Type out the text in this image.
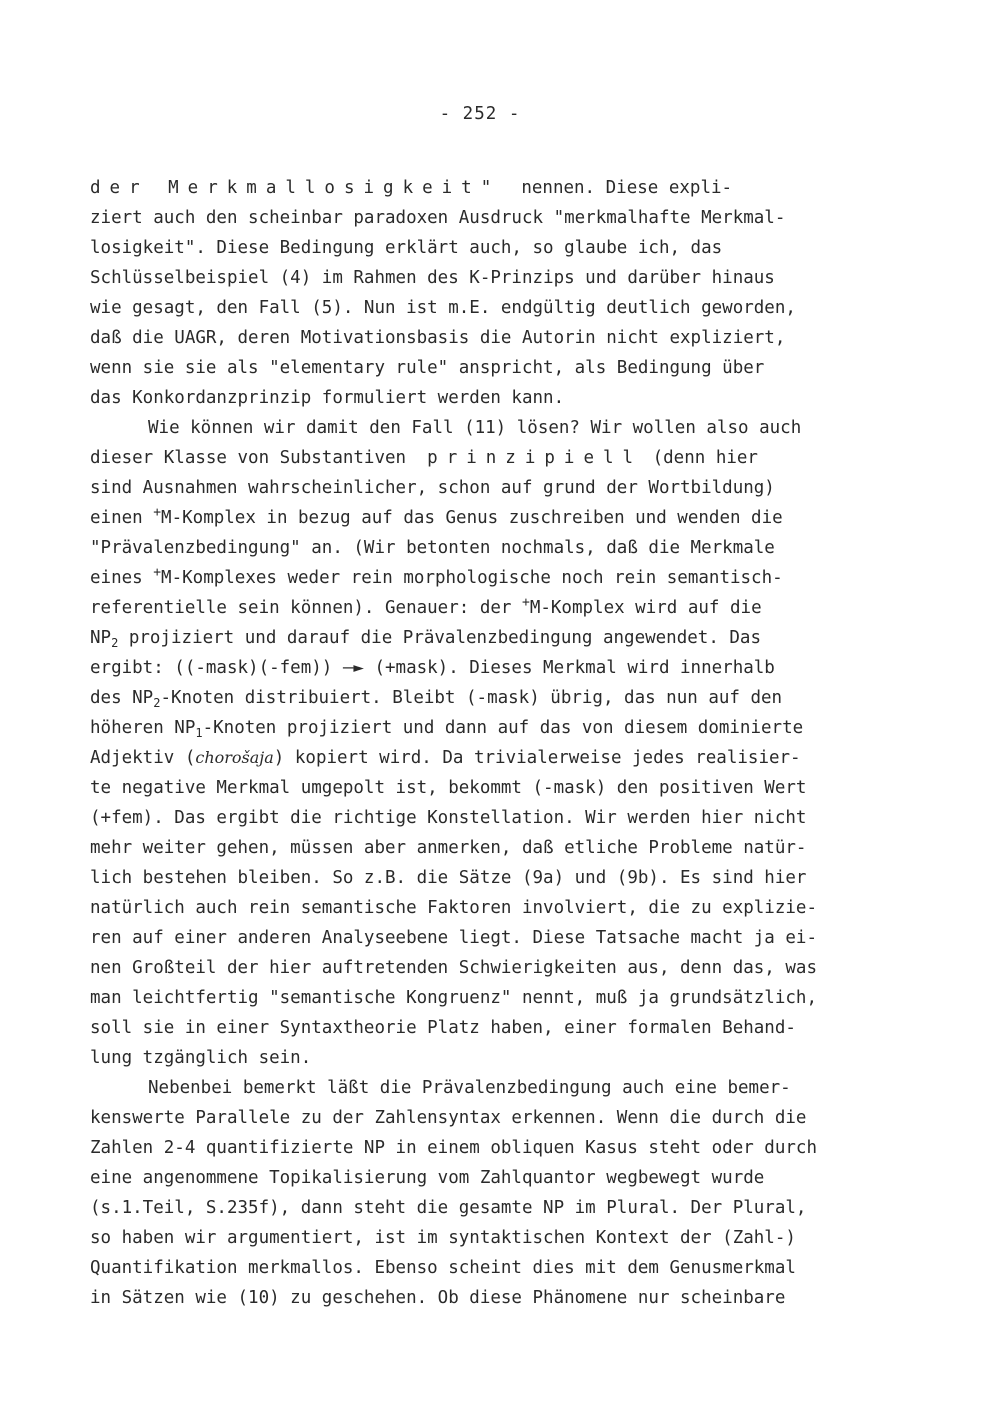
- 252 -
der Merkmallosigkeit"  nennen. Diese expli-
ziert auch den scheinbar paradoxen Ausdruck "merkmalhafte Merkmal-
losigkeit". Diese Bedingung erklärt auch, so glaube ich, das
Schlüsselbeispiel (4) im Rahmen des K-Prinzips und darüber hinaus
wie gesagt, den Fall (5). Nun ist m.E. endgültig deutlich geworden,
daß die UAGR, deren Motivationsbasis die Autorin nicht expliziert,
wenn sie sie als "elementary rule" anspricht, als Bedingung über
das Konkordanzprinzip formuliert werden kann.
Wie können wir damit den Fall (11) lösen? Wir wollen also auch
dieser Klasse von Substantiven  prinzipiell (denn hier
sind Ausnahmen wahrscheinlicher, schon auf grund der Wortbildung)
einen +M-Komplex in bezug auf das Genus zuschreiben und wenden die
"Prävalenzbedingung" an. (Wir betonten nochmals, daß die Merkmale
eines +M-Komplexes weder rein morphologische noch rein semantisch-
referentielle sein können). Genauer: der +M-Komplex wird auf die
$NP_2$ projiziert und darauf die Prävalenzbedingung angewendet. Das
ergibt: ((-mask)(-fem)) —► (+mask). Dieses Merkmal wird innerhalb
des $NP_2$-Knoten distribuiert. Bleibt (-mask) übrig, das nun auf den
höheren $NP_1$-Knoten projiziert und dann auf das von diesem dominierte
Adjektiv (chorošaja) kopiert wird. Da trivialerweise jedes realisier-
te negative Merkmal umgepolt ist, bekommt (-mask) den positiven Wert
(+fem). Das ergibt die richtige Konstellation. Wir werden hier nicht
mehr weiter gehen, müssen aber anmerken, daß etliche Probleme natür-
lich bestehen bleiben. So z.B. die Sätze (9a) und (9b). Es sind hier
natürlich auch rein semantische Faktoren involviert, die zu explizie-
ren auf einer anderen Analyseebene liegt. Diese Tatsache macht ja ei-
nen Großteil der hier auftretenden Schwierigkeiten aus, denn das, was
man leichtfertig "semantische Kongruenz" nennt, muß ja grundsätzlich,
soll sie in einer Syntaxtheorie Platz haben, einer formalen Behand-
lung tzgänglich sein.
Nebenbei bemerkt läßt die Prävalenzbedingung auch eine bemer-
kenswerte Parallele zu der Zahlensyntax erkennen. Wenn die durch die
Zahlen 2-4 quantifizierte NP in einem obliquen Kasus steht oder durch
eine angenommene Topikalisierung vom Zahlquantor wegbewegt wurde
(s.1.Teil, S.235f), dann steht die gesamte NP im Plural. Der Plural,
so haben wir argumentiert, ist im syntaktischen Kontext der (Zahl-)
Quantifikation merkmallos. Ebenso scheint dies mit dem Genusmerkmal
in Sätzen wie (10) zu geschehen. Ob diese Phänomene nur scheinbare
